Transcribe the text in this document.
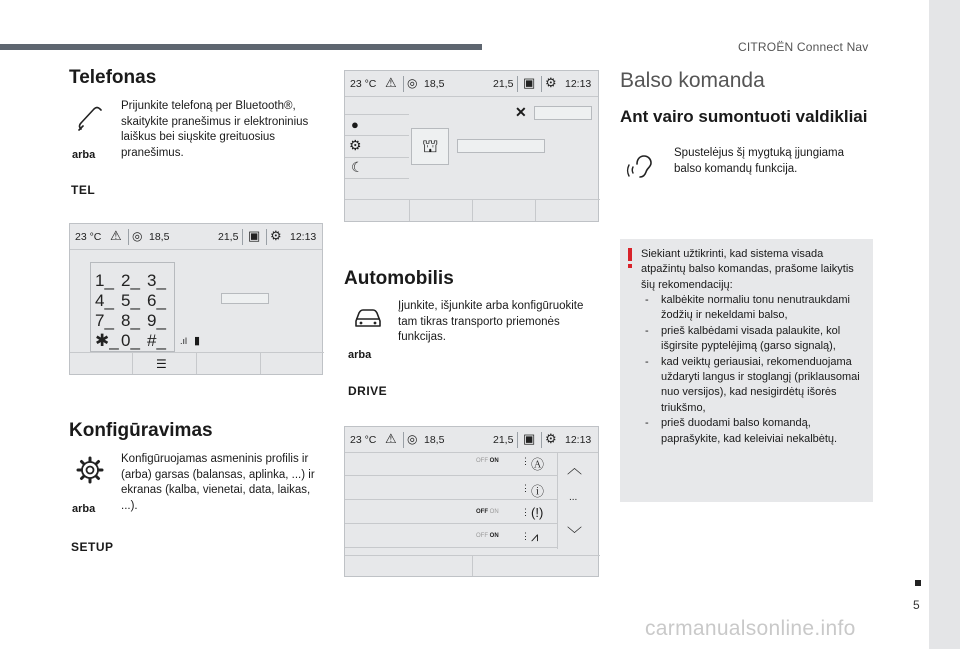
CITROËN Connect Nav
5
carmanualsonline.info
Telefonas
arba
TEL
Prijunkite telefoną per Bluetooth®, skaitykite pranešimus ir elektroninius laiškus bei siųskite greituosius pranešimus.
23 °C ⚠ ◎ 18,5	21,5 ▣ ⚙ 12:13
1_ 2_ 3_
4_ 5_ 6_
7_ 8_ 9_
✱_ 0_ #_ .ıl ▮
☰
Konfigūravimas
arba
SETUP
Konfigūruojamas asmeninis profilis ir (arba) garsas (balansas, aplinka, ...) ir ekranas (kalba, vienetai, data, laikas, ...).
23 °C ⚠ ◎ 18,5	21,5 ▣ ⚙ 12:13
●
⚙
☾
⛫
✕
Automobilis
arba
DRIVE
Įjunkite, išjunkite arba konfigūruokite tam tikras transporto priemonės funkcijas.
23 °C ⚠ ◎ 18,5	21,5 ▣ ⚙ 12:13
OFF ON ⋮ Ⓐ
⋮ ⓘ
OFF ON ⋮ (!)
OFF ON ⋮ ⩘
︿
...
﹀
Balso komanda
Ant vairo sumontuoti valdikliai
Spustelėjus šį mygtuką įjungiama balso komandų funkcija.
Siekiant užtikrinti, kad sistema visada atpažintų balso komandas, prašome laikytis šių rekomendacijų:
- kalbėkite normaliu tonu nenutraukdami žodžių ir nekeldami balso,
- prieš kalbėdami visada palaukite, kol išgirsite pyptelėjimą (garso signalą),
- kad veiktų geriausiai, rekomenduojama uždaryti langus ir stoglangį (priklausomai nuo versijos), kad nesigirdėtų išorės triukšmo,
- prieš duodami balso komandą, paprašykite, kad keleiviai nekalbėtų.
